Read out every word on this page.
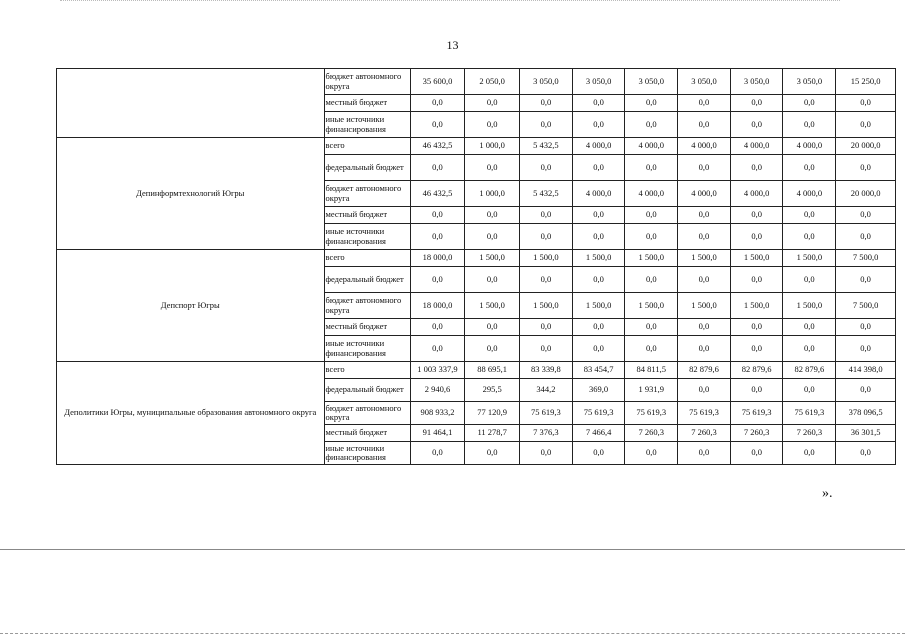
13
	бюджет автономного округа	35 600,0	2 050,0	3 050,0	3 050,0	3 050,0	3 050,0	3 050,0	3 050,0	15 250,0
	местный бюджет	0,0	0,0	0,0	0,0	0,0	0,0	0,0	0,0	0,0
	иные источники финансирования	0,0	0,0	0,0	0,0	0,0	0,0	0,0	0,0	0,0
Депинформтехнологий Югры	всего	46 432,5	1 000,0	5 432,5	4 000,0	4 000,0	4 000,0	4 000,0	4 000,0	20 000,0
	федеральный бюджет	0,0	0,0	0,0	0,0	0,0	0,0	0,0	0,0	0,0
	бюджет автономного округа	46 432,5	1 000,0	5 432,5	4 000,0	4 000,0	4 000,0	4 000,0	4 000,0	20 000,0
	местный бюджет	0,0	0,0	0,0	0,0	0,0	0,0	0,0	0,0	0,0
	иные источники финансирования	0,0	0,0	0,0	0,0	0,0	0,0	0,0	0,0	0,0
Депспорт Югры	всего	18 000,0	1 500,0	1 500,0	1 500,0	1 500,0	1 500,0	1 500,0	1 500,0	7 500,0
	федеральный бюджет	0,0	0,0	0,0	0,0	0,0	0,0	0,0	0,0	0,0
	бюджет автономного округа	18 000,0	1 500,0	1 500,0	1 500,0	1 500,0	1 500,0	1 500,0	1 500,0	7 500,0
	местный бюджет	0,0	0,0	0,0	0,0	0,0	0,0	0,0	0,0	0,0
	иные источники финансирования	0,0	0,0	0,0	0,0	0,0	0,0	0,0	0,0	0,0
Деполитики Югры, муниципальные образования автономного округа	всего	1 003 337,9	88 695,1	83 339,8	83 454,7	84 811,5	82 879,6	82 879,6	82 879,6	414 398,0
	федеральный бюджет	2 940,6	295,5	344,2	369,0	1 931,9	0,0	0,0	0,0	0,0
	бюджет автономного округа	908 933,2	77 120,9	75 619,3	75 619,3	75 619,3	75 619,3	75 619,3	75 619,3	378 096,5
	местный бюджет	91 464,1	11 278,7	7 376,3	7 466,4	7 260,3	7 260,3	7 260,3	7 260,3	36 301,5
	иные источники финансирования	0,0	0,0	0,0	0,0	0,0	0,0	0,0	0,0	0,0
».
